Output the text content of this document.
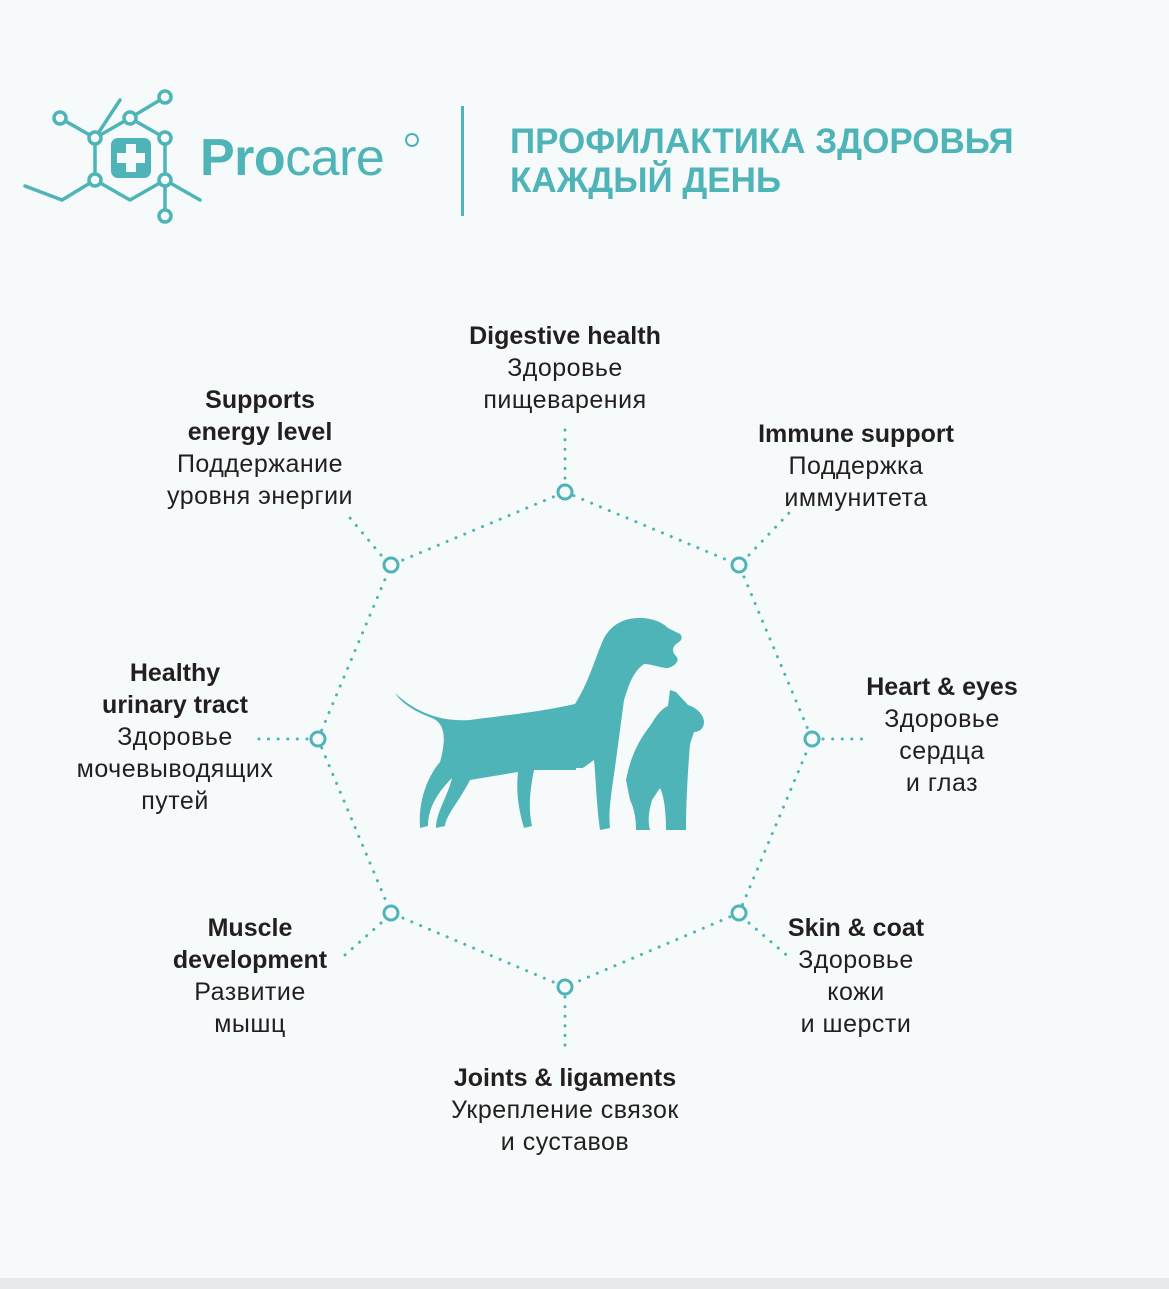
Procare	ПРОФИЛАКТИКА ЗДОРОВЬЯ
КАЖДЫЙ ДЕНЬ
Digestive health
Здоровье
пищеварения
Immune support
Поддержка
иммунитета
Heart & eyes
Здоровье
сердца
и глаз
Skin & coat
Здоровье
кожи
и шерсти
Joints & ligaments
Укрепление связок
и суставов
Muscle
development
Развитие
мышц
Healthy
urinary tract
Здоровье
мочевыводящих
путей
Supports
energy level
Поддержание
уровня энергии
